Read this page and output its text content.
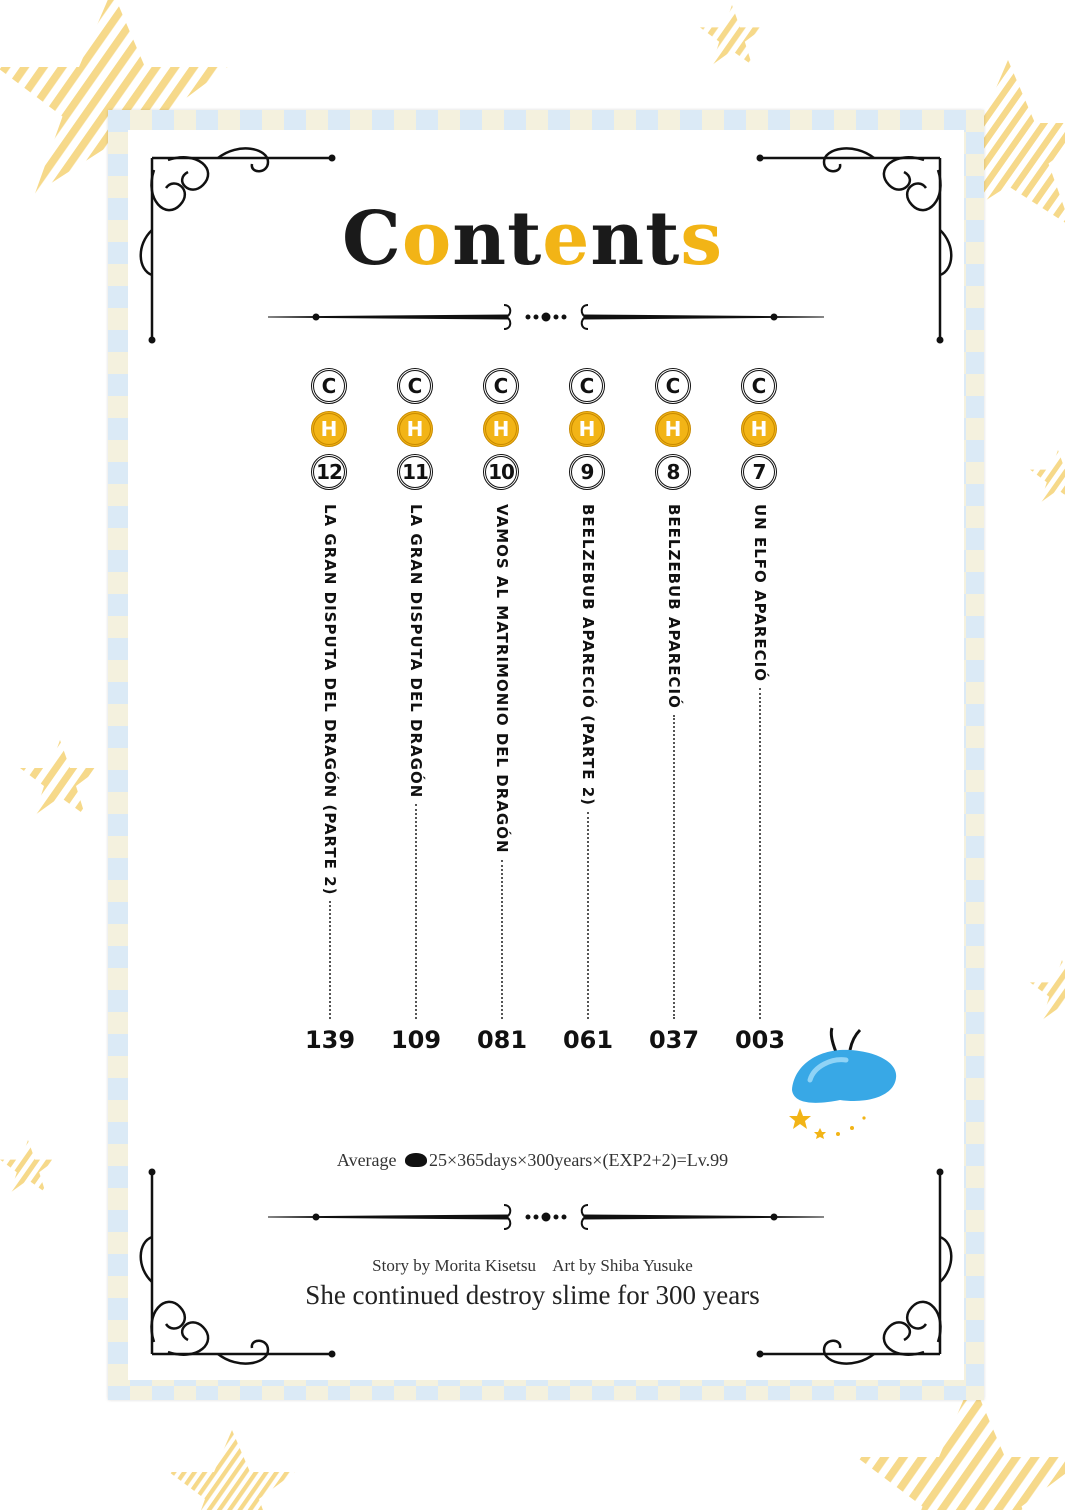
Contents
C
H
12
LA GRAN DISPUTA DEL DRAGÓN (PARTE 2)
139
C
H
11
LA GRAN DISPUTA DEL DRAGÓN
109
C
H
10
VAMOS AL MATRIMONIO DEL DRAGÓN
081
C
H
9
BEELZEBUB APARECIÓ (PARTE 2)
061
C
H
8
BEELZEBUB APARECIÓ
037
C
H
7
UN ELFO APARECIÓ
003
Average 25×365days×300years×(EXP2+2)=Lv.99
Story by Morita Kisetsu Art by Shiba Yusuke
She continued destroy slime for 300 years
